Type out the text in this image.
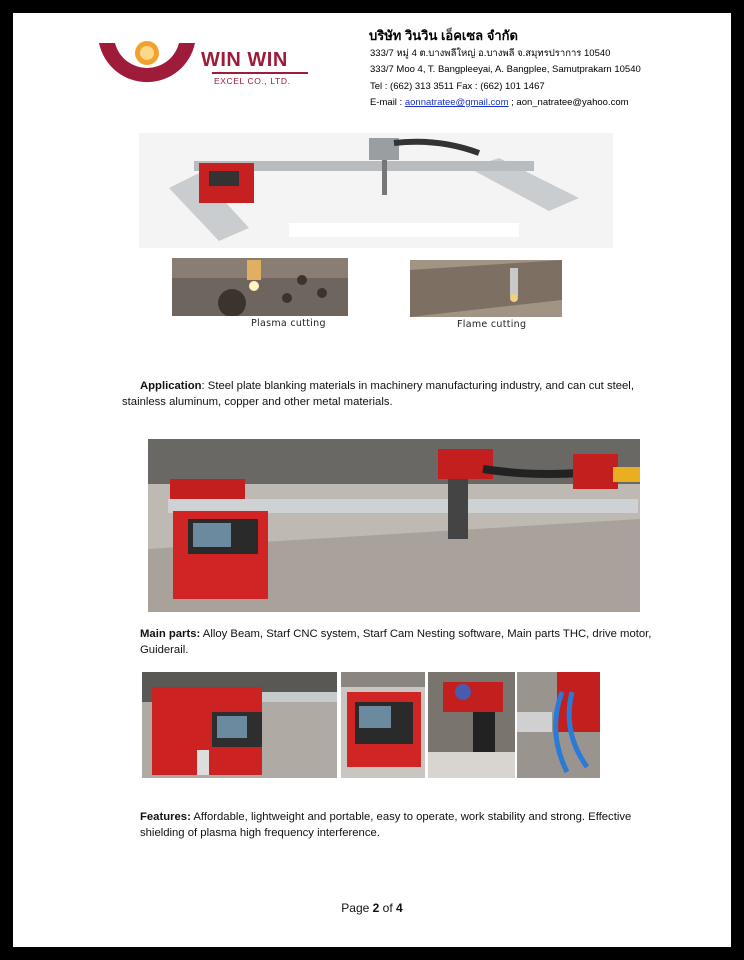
WIN WIN
EXCEL CO., LTD.
บริษัท วินวิน เอ็คเซล จำกัด
333/7 หมู่ 4 ต.บางพลีใหญ่ อ.บางพลี จ.สมุทรปราการ 10540
333/7 Moo 4, T. Bangpleeyai, A. Bangplee, Samutprakarn 10540
Tel : (662) 313 3511 Fax : (662) 101 1467
E-mail : aonnatratee@gmail.com ; aon_natratee@yahoo.com
Plasma cutting	Flame cutting
Application: Steel plate blanking materials in machinery manufacturing industry, and can cut steel, stainless aluminum, copper and other metal materials.
Main parts: Alloy Beam, Starf CNC system, Starf Cam Nesting software, Main parts THC, drive motor, Guiderail.
Features: Affordable, lightweight and portable, easy to operate, work stability and strong. Effective shielding of plasma high frequency interference.
Page 2 of 4
